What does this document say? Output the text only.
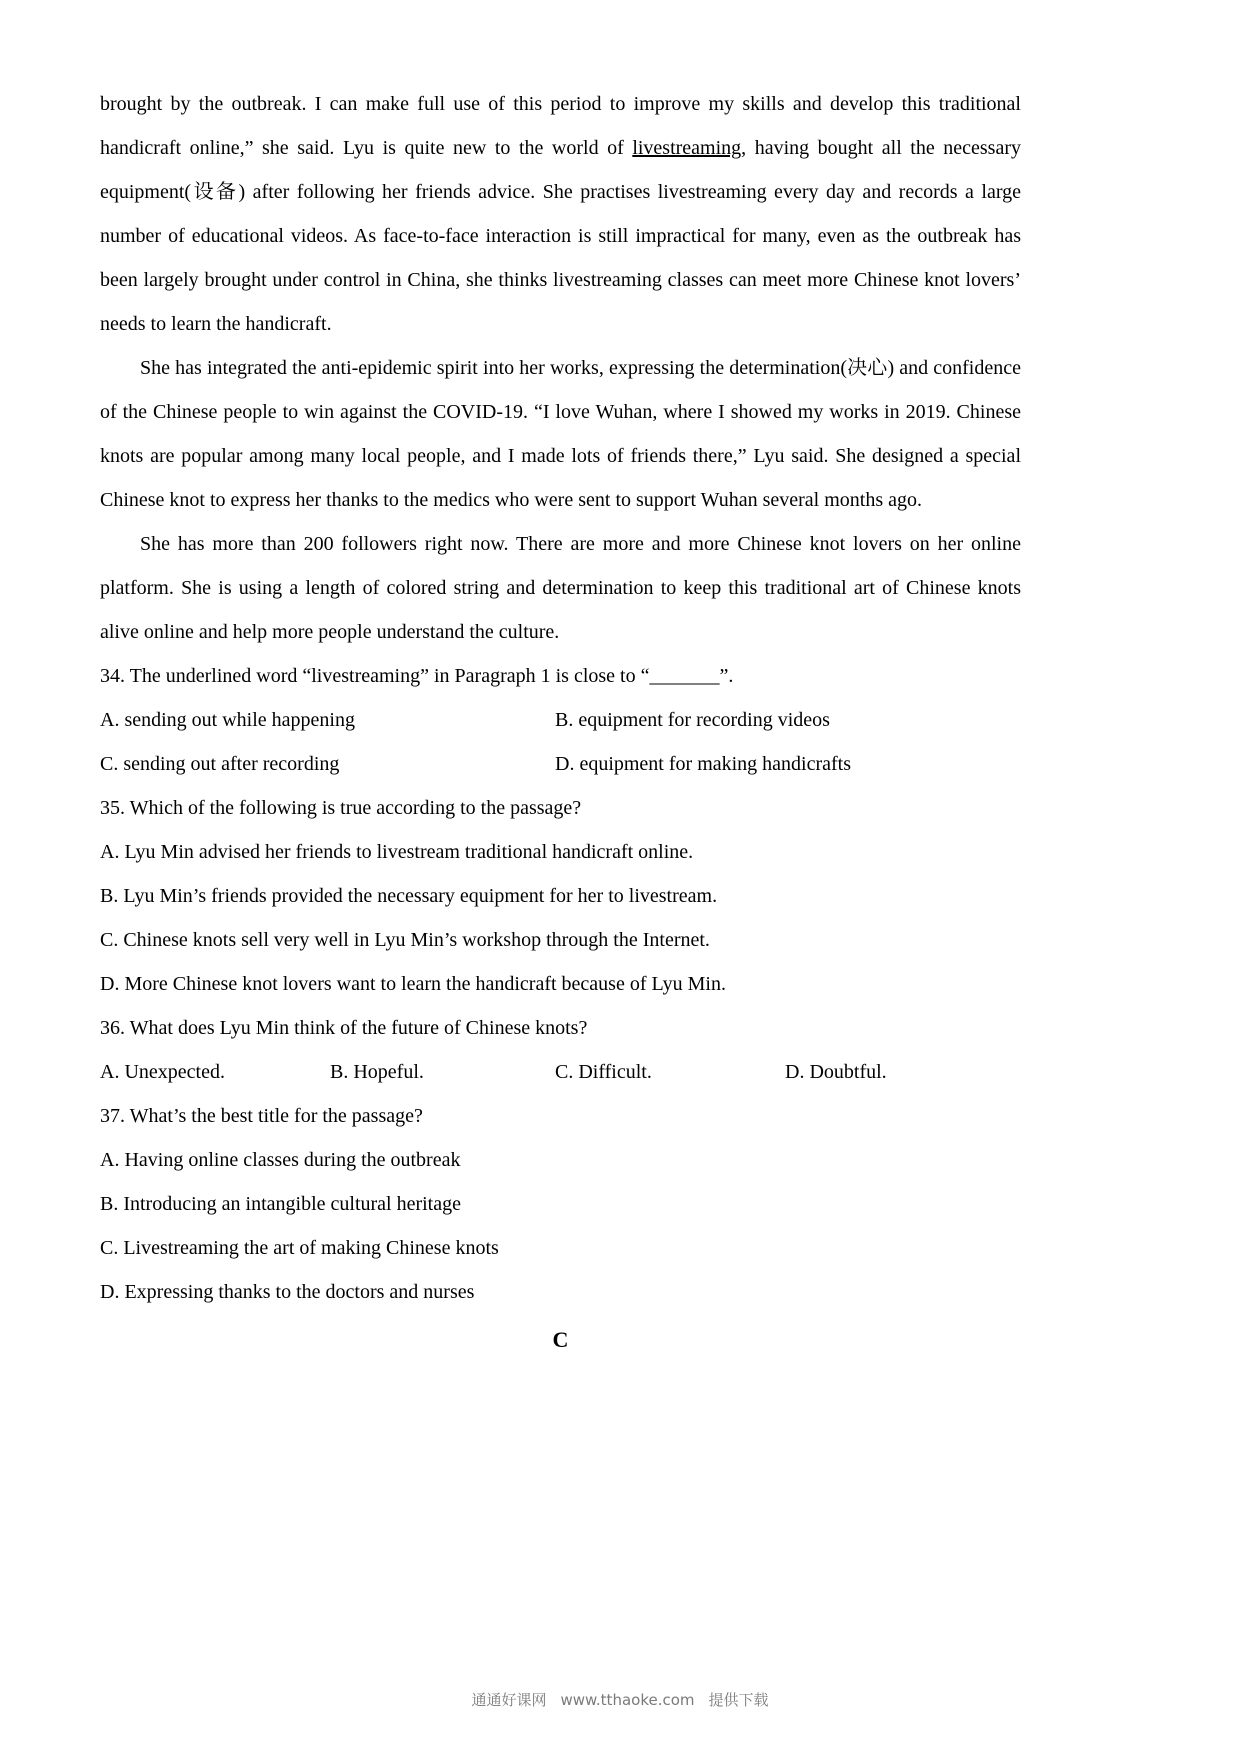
brought by the outbreak. I can make full use of this period to improve my skills and develop this traditional handicraft online,” she said. Lyu is quite new to the world of livestreaming, having bought all the necessary equipment(设备) after following her friends advice. She practises livestreaming every day and records a large number of educational videos. As face-to-face interaction is still impractical for many, even as the outbreak has been largely brought under control in China, she thinks livestreaming classes can meet more Chinese knot lovers’ needs to learn the handicraft.

She has integrated the anti-epidemic spirit into her works, expressing the determination(决心) and confidence of the Chinese people to win against the COVID-19. “I love Wuhan, where I showed my works in 2019. Chinese knots are popular among many local people, and I made lots of friends there,” Lyu said. She designed a special Chinese knot to express her thanks to the medics who were sent to support Wuhan several months ago.

She has more than 200 followers right now. There are more and more Chinese knot lovers on her online platform. She is using a length of colored string and determination to keep this traditional art of Chinese knots alive online and help more people understand the culture.

34. The underlined word “livestreaming” in Paragraph 1 is close to “_______”.

A. sending out while happening	B. equipment for recording videos
C. sending out after recording	D. equipment for making handicrafts

35. Which of the following is true according to the passage?

A. Lyu Min advised her friends to livestream traditional handicraft online.

B. Lyu Min’s friends provided the necessary equipment for her to livestream.

C. Chinese knots sell very well in Lyu Min’s workshop through the Internet.

D. More Chinese knot lovers want to learn the handicraft because of Lyu Min.

36. What does Lyu Min think of the future of Chinese knots?

A. Unexpected.	B. Hopeful.	C. Difficult.	D. Doubtful.

37. What’s the best title for the passage?

A. Having online classes during the outbreak

B. Introducing an intangible cultural heritage

C. Livestreaming the art of making Chinese knots

D. Expressing thanks to the doctors and nurses

C
通通好课网 www.tthaoke.com 提供下载
